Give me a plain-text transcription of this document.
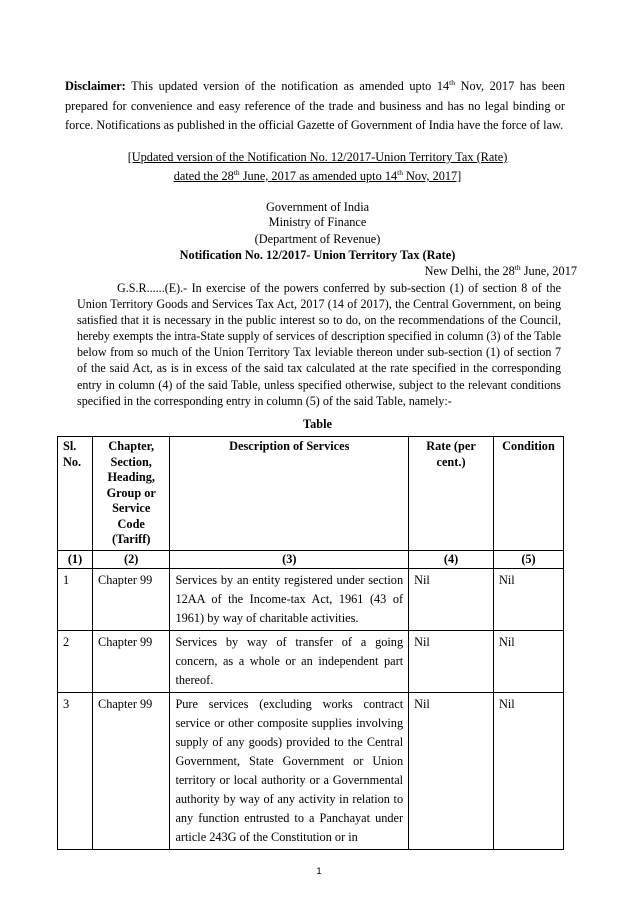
Disclaimer: This updated version of the notification as amended upto 14th Nov, 2017 has been prepared for convenience and easy reference of the trade and business and has no legal binding or force. Notifications as published in the official Gazette of Government of India have the force of law.
[Updated version of the Notification No. 12/2017-Union Territory Tax (Rate)
dated the 28th June, 2017 as amended upto 14th Nov, 2017]
Government of India
Ministry of Finance
(Department of Revenue)
Notification No. 12/2017- Union Territory Tax (Rate)
New Delhi, the 28th June, 2017
G.S.R......(E).- In exercise of the powers conferred by sub-section (1) of section 8 of the Union Territory Goods and Services Tax Act, 2017 (14 of 2017), the Central Government, on being satisfied that it is necessary in the public interest so to do, on the recommendations of the Council, hereby exempts the intra-State supply of services of description specified in column (3) of the Table below from so much of the Union Territory Tax leviable thereon under sub-section (1) of section 7 of the said Act, as is in excess of the said tax calculated at the rate specified in the corresponding entry in column (4) of the said Table, unless specified otherwise, subject to the relevant conditions specified in the corresponding entry in column (5) of the said Table, namely:-
Table
Sl. No.	Chapter, Section, Heading, Group or Service Code (Tariff)	Description of Services	Rate (per cent.)	Condition
(1)	(2)	(3)	(4)	(5)
1	Chapter 99	Services by an entity registered under section 12AA of the Income-tax Act, 1961 (43 of 1961) by way of charitable activities.	Nil	Nil
2	Chapter 99	Services by way of transfer of a going concern, as a whole or an independent part thereof.	Nil	Nil
3	Chapter 99	Pure services (excluding works contract service or other composite supplies involving supply of any goods) provided to the Central Government, State Government or Union territory or local authority or a Governmental authority by way of any activity in relation to any function entrusted to a Panchayat under article 243G of the Constitution or in	Nil	Nil
1
